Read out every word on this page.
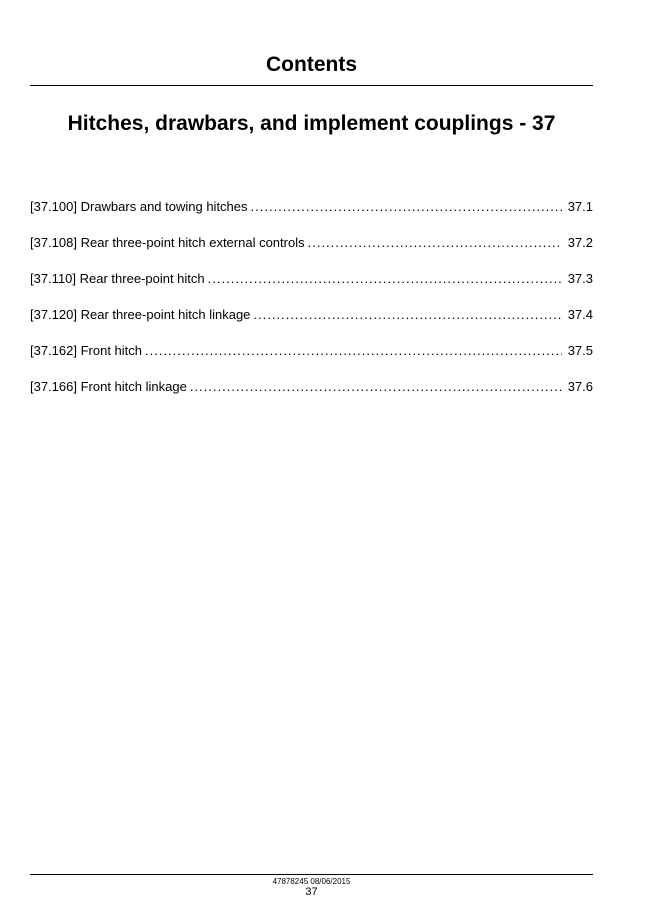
Contents
Hitches, drawbars, and implement couplings - 37
[37.100] Drawbars and towing hitches .....	37.1
[37.108] Rear three-point hitch external controls .....	37.2
[37.110] Rear three-point hitch .....	37.3
[37.120] Rear three-point hitch linkage .....	37.4
[37.162] Front hitch .....	37.5
[37.166] Front hitch linkage .....	37.6
47878245 08/06/2015
37
